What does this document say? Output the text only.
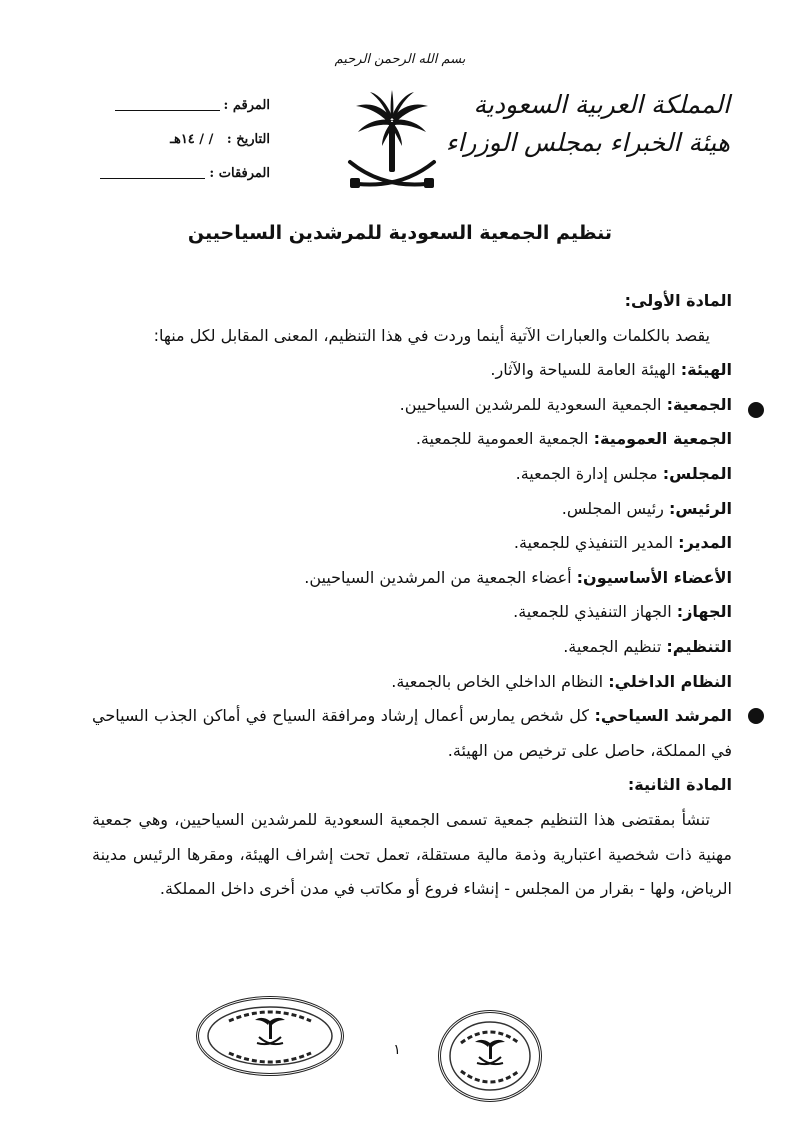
بسم الله الرحمن الرحيم
المملكة العربية السعودية
هيئة الخبراء بمجلس الوزراء
المرقم :
التاريخ :   / / ١٤هـ
المرفقات :
تنظيم الجمعية السعودية للمرشدين السياحيين

المادة الأولى:

يقصد بالكلمات والعبارات الآتية أينما وردت في هذا التنظيم، المعنى المقابل لكل منها:

الهيئة: الهيئة العامة للسياحة والآثار.

الجمعية: الجمعية السعودية للمرشدين السياحيين.

الجمعية العمومية: الجمعية العمومية للجمعية.

المجلس: مجلس إدارة الجمعية.

الرئيس: رئيس المجلس.

المدير: المدير التنفيذي للجمعية.

الأعضاء الأساسيون: أعضاء الجمعية من المرشدين السياحيين.

الجهاز: الجهاز التنفيذي للجمعية.

التنظيم: تنظيم الجمعية.

النظام الداخلي: النظام الداخلي الخاص بالجمعية.

المرشد السياحي: كل شخص يمارس أعمال إرشاد ومرافقة السياح في أماكن الجذب السياحي في المملكة، حاصل على ترخيص من الهيئة.

المادة الثانية:

تنشأ بمقتضى هذا التنظيم جمعية تسمى الجمعية السعودية للمرشدين السياحيين، وهي جمعية مهنية ذات شخصية اعتبارية وذمة مالية مستقلة، تعمل تحت إشراف الهيئة، ومقرها الرئيس مدينة الرياض، ولها - بقرار من المجلس - إنشاء فروع أو مكاتب في مدن أخرى داخل المملكة.

١
